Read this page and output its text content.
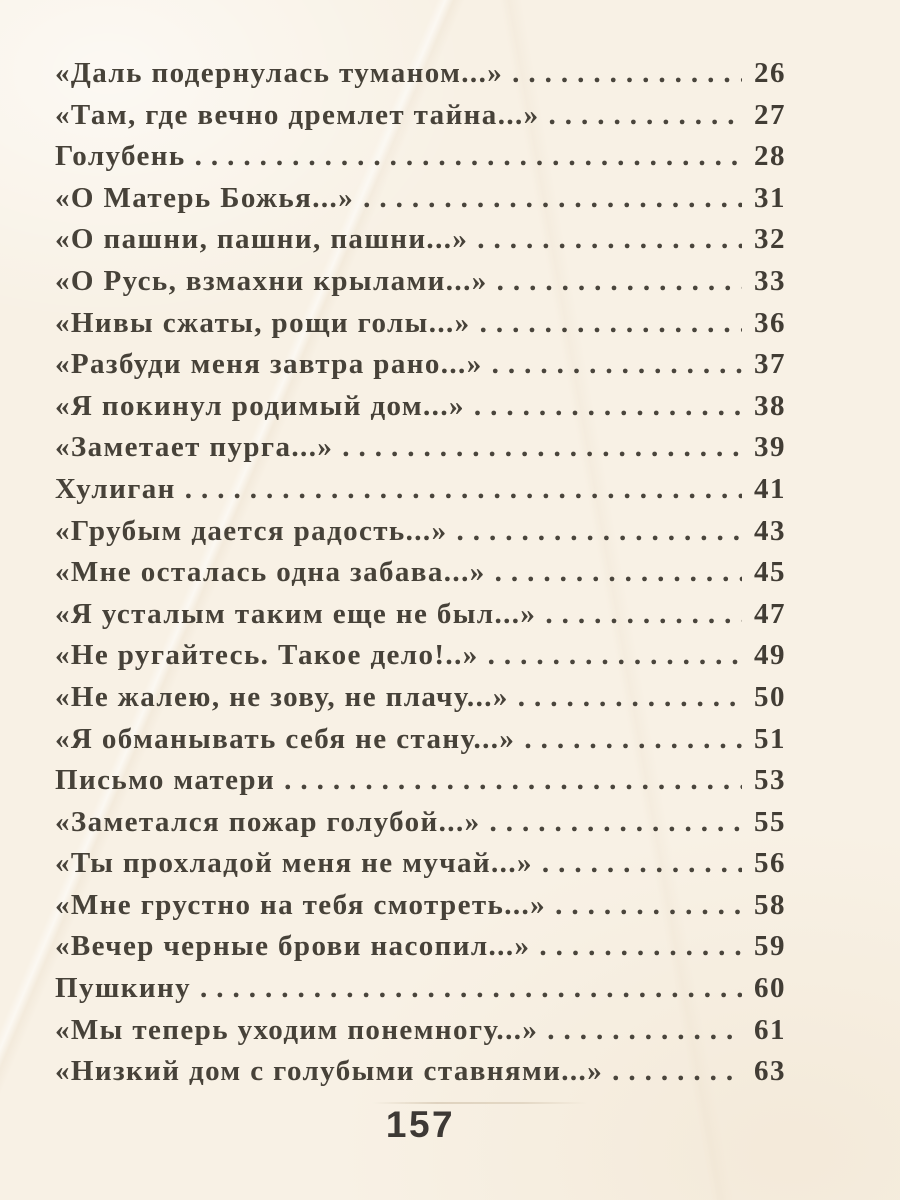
«Даль подернулась туманом...» .....	26
«Там, где вечно дремлет тайна...» .....	27
Голубень .....	28
«О Матерь Божья...» .....	31
«О пашни, пашни, пашни...» .....	32
«О Русь, взмахни крылами...» .....	33
«Нивы сжаты, рощи голы...» .....	36
«Разбуди меня завтра рано...» .....	37
«Я покинул родимый дом...» .....	38
«Заметает пурга...» .....	39
Хулиган .....	41
«Грубым дается радость...» .....	43
«Мне осталась одна забава...» .....	45
«Я усталым таким еще не был...» .....	47
«Не ругайтесь. Такое дело!..» .....	49
«Не жалею, не зову, не плачу...» .....	50
«Я обманывать себя не стану...» .....	51
Письмо матери .....	53
«Заметался пожар голубой...» .....	55
«Ты прохладой меня не мучай...» .....	56
«Мне грустно на тебя смотреть...» .....	58
«Вечер черные брови насопил...» .....	59
Пушкину .....	60
«Мы теперь уходим понемногу...» .....	61
«Низкий дом с голубыми ставнями...» .....	63
157
